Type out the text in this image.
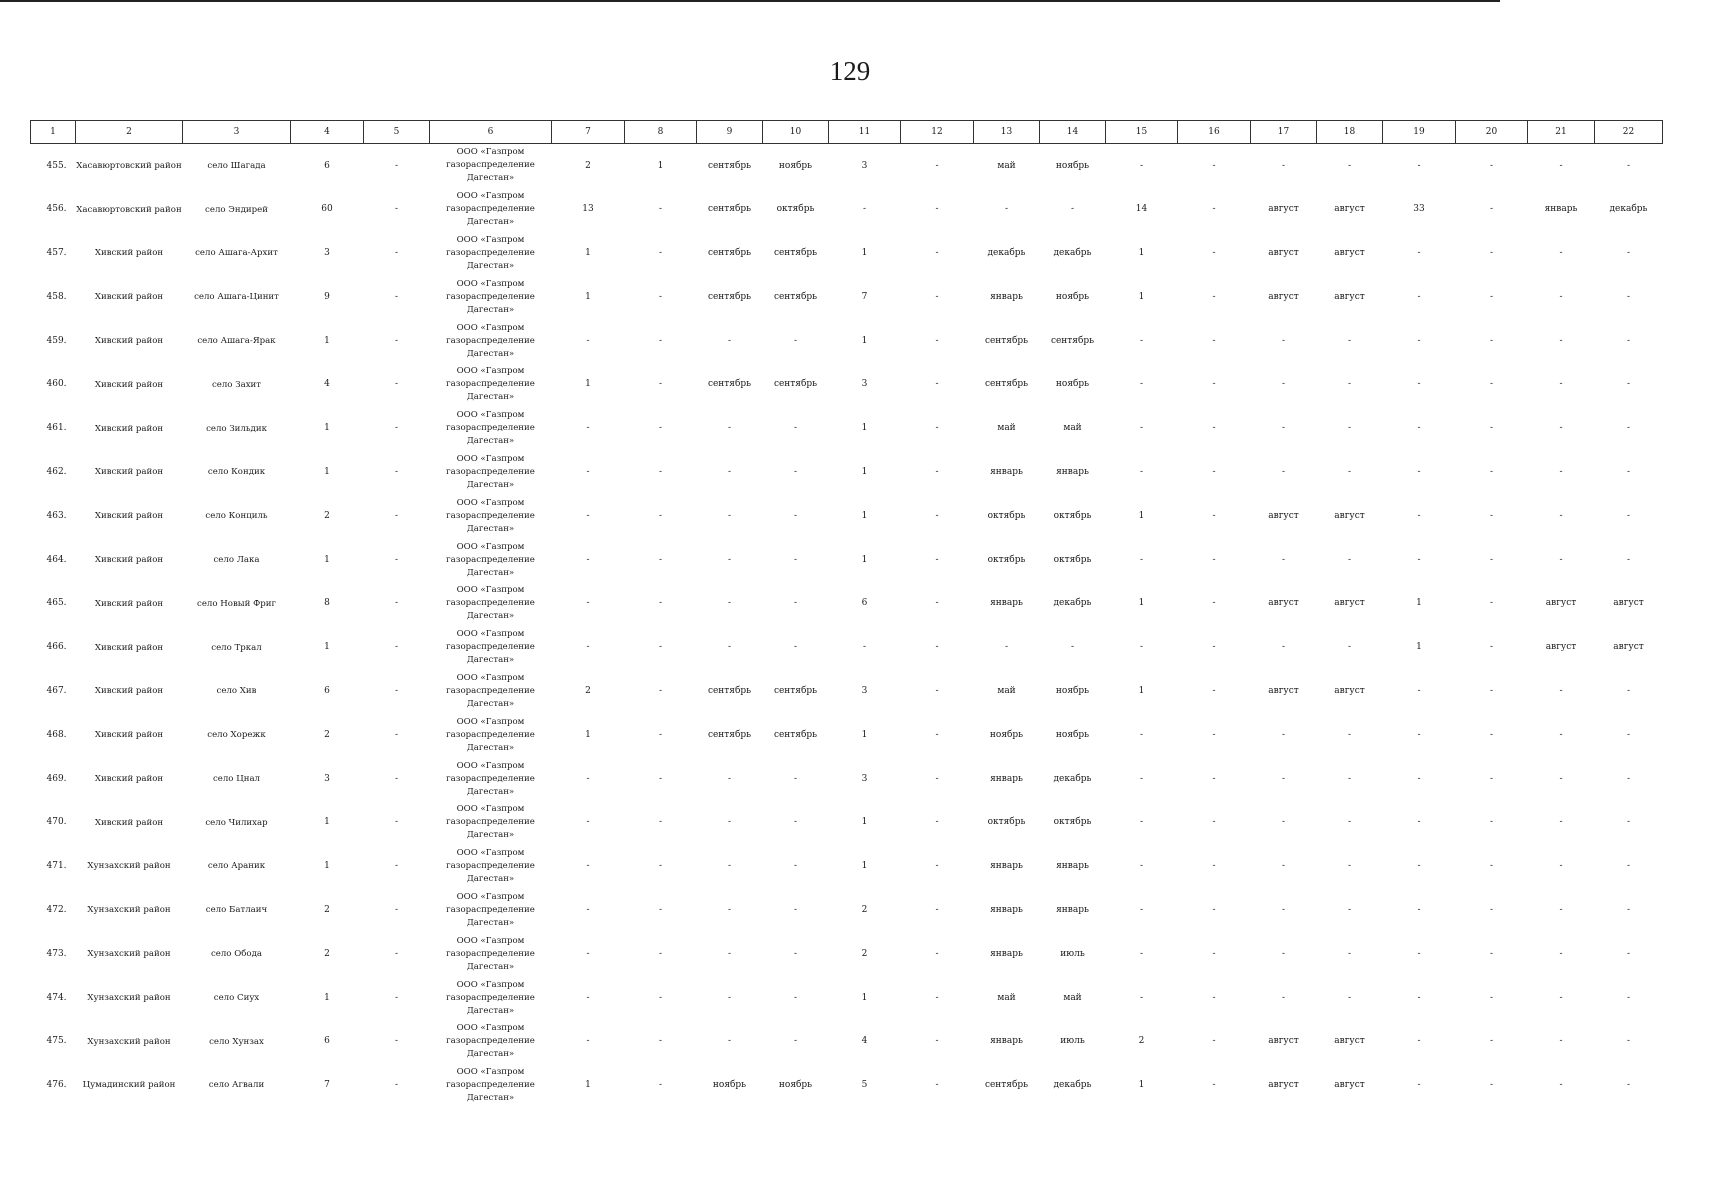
129
1	2	3	4	5	6	7	8	9	10	11	12	13	14	15	16	17	18	19	20	21	22
455.	Хасавюртовский район	село Шагада	6	-	ООО «Газпром газораспределение Дагестан»	2	1	сентябрь	ноябрь	3	-	май	ноябрь	-	-	-	-	-	-	-	-
456.	Хасавюртовский район	село Эндирей	60	-	ООО «Газпром газораспределение Дагестан»	13	-	сентябрь	октябрь	-	-	-	-	14	-	август	август	33	-	январь	декабрь
457.	Хивский район	село Ашага-Архит	3	-	ООО «Газпром газораспределение Дагестан»	1	-	сентябрь	сентябрь	1	-	декабрь	декабрь	1	-	август	август	-	-	-	-
458.	Хивский район	село Ашага-Цинит	9	-	ООО «Газпром газораспределение Дагестан»	1	-	сентябрь	сентябрь	7	-	январь	ноябрь	1	-	август	август	-	-	-	-
459.	Хивский район	село Ашага-Ярак	1	-	ООО «Газпром газораспределение Дагестан»	-	-	-	-	1	-	сентябрь	сентябрь	-	-	-	-	-	-	-	-
460.	Хивский район	село Захит	4	-	ООО «Газпром газораспределение Дагестан»	1	-	сентябрь	сентябрь	3	-	сентябрь	ноябрь	-	-	-	-	-	-	-	-
461.	Хивский район	село Зильдик	1	-	ООО «Газпром газораспределение Дагестан»	-	-	-	-	1	-	май	май	-	-	-	-	-	-	-	-
462.	Хивский район	село Кондик	1	-	ООО «Газпром газораспределение Дагестан»	-	-	-	-	1	-	январь	январь	-	-	-	-	-	-	-	-
463.	Хивский район	село Конциль	2	-	ООО «Газпром газораспределение Дагестан»	-	-	-	-	1	-	октябрь	октябрь	1	-	август	август	-	-	-	-
464.	Хивский район	село Лака	1	-	ООО «Газпром газораспределение Дагестан»	-	-	-	-	1	-	октябрь	октябрь	-	-	-	-	-	-	-	-
465.	Хивский район	село Новый Фриг	8	-	ООО «Газпром газораспределение Дагестан»	-	-	-	-	6	-	январь	декабрь	1	-	август	август	1	-	август	август
466.	Хивский район	село Тркал	1	-	ООО «Газпром газораспределение Дагестан»	-	-	-	-	-	-	-	-	-	-	-	-	1	-	август	август
467.	Хивский район	село Хив	6	-	ООО «Газпром газораспределение Дагестан»	2	-	сентябрь	сентябрь	3	-	май	ноябрь	1	-	август	август	-	-	-	-
468.	Хивский район	село Хорежк	2	-	ООО «Газпром газораспределение Дагестан»	1	-	сентябрь	сентябрь	1	-	ноябрь	ноябрь	-	-	-	-	-	-	-	-
469.	Хивский район	село Цнал	3	-	ООО «Газпром газораспределение Дагестан»	-	-	-	-	3	-	январь	декабрь	-	-	-	-	-	-	-	-
470.	Хивский район	село Чилихар	1	-	ООО «Газпром газораспределение Дагестан»	-	-	-	-	1	-	октябрь	октябрь	-	-	-	-	-	-	-	-
471.	Хунзахский район	село Араник	1	-	ООО «Газпром газораспределение Дагестан»	-	-	-	-	1	-	январь	январь	-	-	-	-	-	-	-	-
472.	Хунзахский район	село Батлаич	2	-	ООО «Газпром газораспределение Дагестан»	-	-	-	-	2	-	январь	январь	-	-	-	-	-	-	-	-
473.	Хунзахский район	село Обода	2	-	ООО «Газпром газораспределение Дагестан»	-	-	-	-	2	-	январь	июль	-	-	-	-	-	-	-	-
474.	Хунзахский район	село Сиух	1	-	ООО «Газпром газораспределение Дагестан»	-	-	-	-	1	-	май	май	-	-	-	-	-	-	-	-
475.	Хунзахский район	село Хунзах	6	-	ООО «Газпром газораспределение Дагестан»	-	-	-	-	4	-	январь	июль	2	-	август	август	-	-	-	-
476.	Цумадинский район	село Агвали	7	-	ООО «Газпром газораспределение Дагестан»	1	-	ноябрь	ноябрь	5	-	сентябрь	декабрь	1	-	август	август	-	-	-	-
